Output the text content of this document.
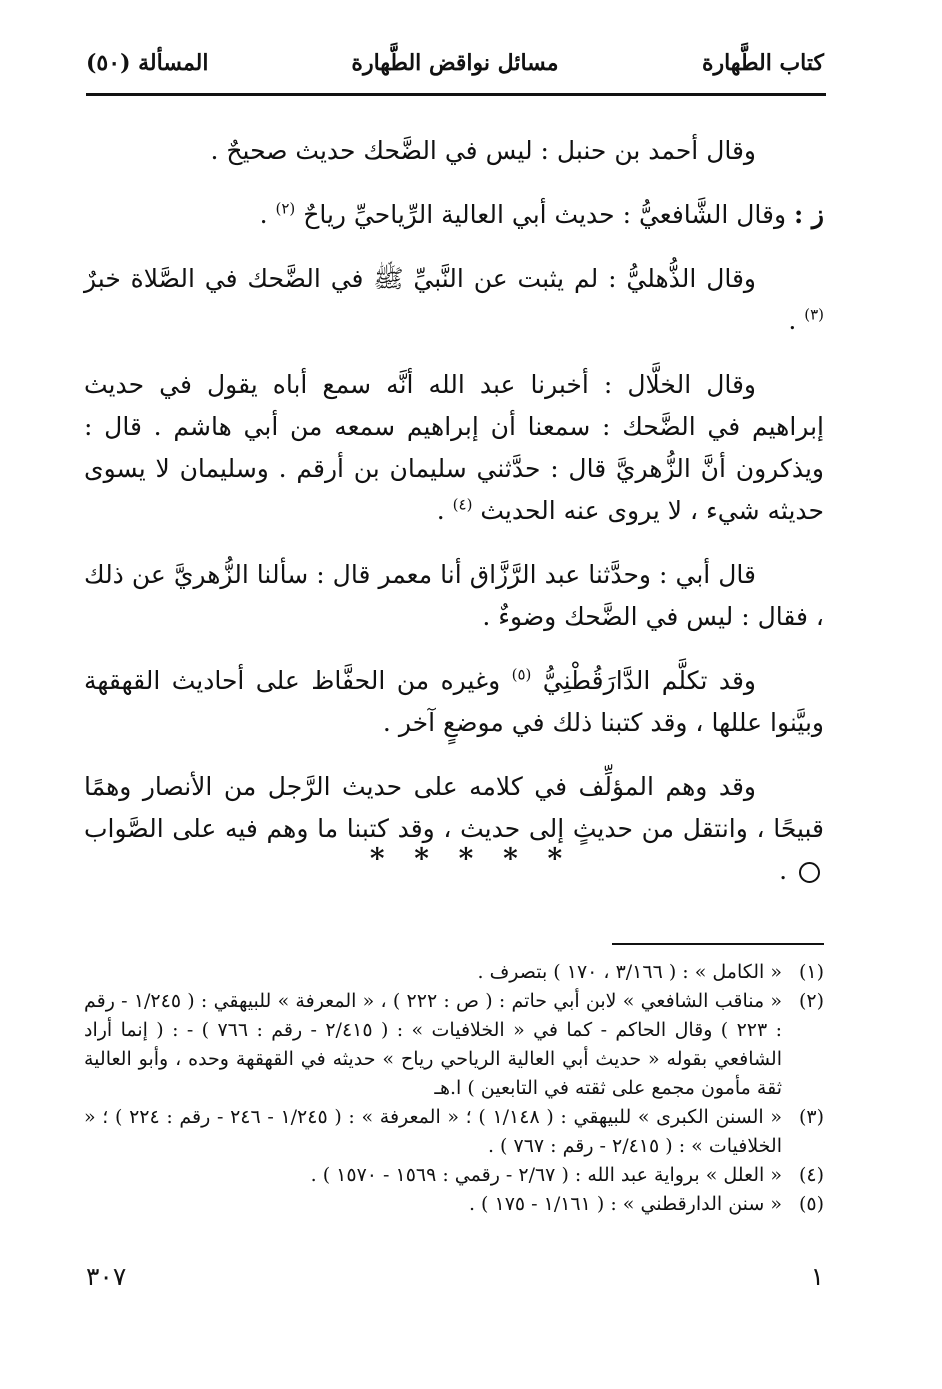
كتاب الطَّهارة
مسائل نواقض الطَّهارة
المسألة (٥٠)

وقال أحمد بن حنبل : ليس في الضَّحك حديث صحيحٌ .

ز : وقال الشَّافعيُّ : حديث أبي العالية الرِّياحيِّ رياحٌ $^{(٢)}$ .

وقال الذُّهليُّ : لم يثبت عن النَّبيِّ ﷺ في الضَّحك في الصَّلاة خبرٌ $^{(٣)}$ .

وقال الخلَّال : أخبرنا عبد الله أنَّه سمع أباه يقول في حديث إبراهيم في الضَّحك : سمعنا أن إبراهيم سمعه من أبي هاشم . قال : ويذكرون أنَّ الزُّهريَّ قال : حدَّثني سليمان بن أرقم . وسليمان لا يسوى حديثه شيء ، لا يروى عنه الحديث $^{(٤)}$ .

قال أبي : وحدَّثنا عبد الرَّزَّاق أنا معمر قال : سألنا الزُّهريَّ عن ذلك ، فقال : ليس في الضَّحك وضوءٌ .

وقد تكلَّم الدَّارَقُطْنِيُّ $^{(٥)}$ وغيره من الحفَّاظ على أحاديث القهقهة وبيَّنوا عللها ، وقد كتبنا ذلك في موضعٍ آخر .

وقد وهم المؤلِّف في كلامه على حديث الرَّجل من الأنصار وهمًا قبيحًا ، وانتقل من حديثٍ إلى حديث ، وقد كتبنا ما وهم فيه على الصَّواب  .

* * * * *
(١)
« الكامل » : ( ٣/١٦٦ ، ١٧٠ ) بتصرف .
(٢)
« مناقب الشافعي » لابن أبي حاتم : ( ص : ٢٢٢ ) ، « المعرفة » للبيهقي : ( ١/٢٤٥ - رقم : ٢٢٣ ) وقال الحاكم - كما في « الخلافيات » : ( ٢/٤١٥ - رقم : ٧٦٦ ) - : ( إنما أراد الشافعي بقوله « حديث أبي العالية الرياحي رياح » حديثه في القهقهة وحده ، وأبو العالية ثقة مأمون مجمع على ثقته في التابعين ) ا.هـ
(٣)
« السنن الكبرى » للبيهقي : ( ١/١٤٨ ) ؛ « المعرفة » : ( ١/٢٤٥ - ٢٤٦ - رقم : ٢٢٤ ) ؛ « الخلافيات » : ( ٢/٤١٥ - رقم : ٧٦٧ ) .
(٤)
« العلل » برواية عبد الله : ( ٢/٦٧ - رقمي : ١٥٦٩ - ١٥٧٠ ) .
(٥)
« سنن الدارقطني » : ( ١/١٦١ - ١٧٥ ) .
١
٣٠٧
